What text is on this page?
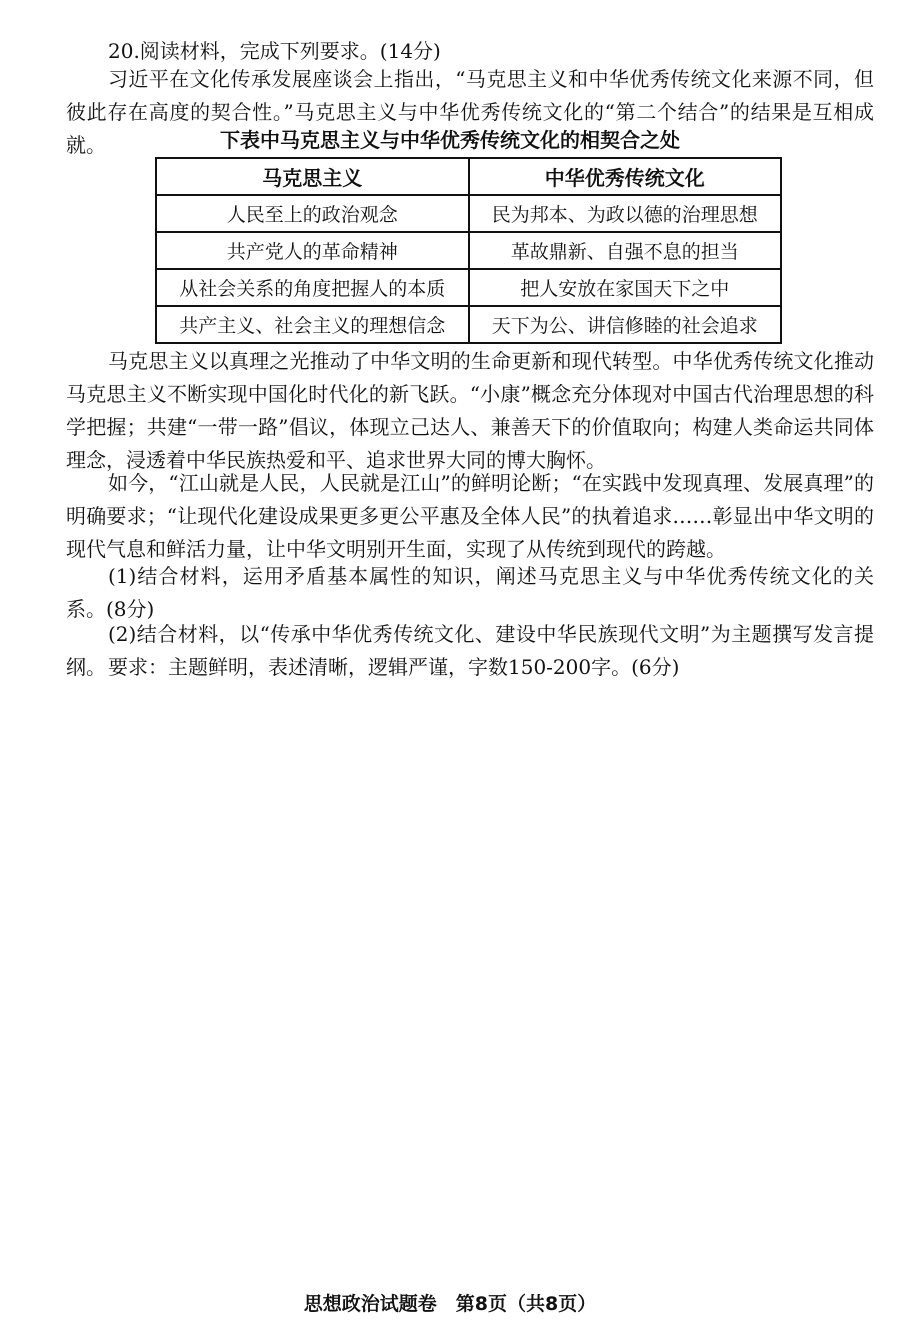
20.阅读材料，完成下列要求。(14分)

习近平在文化传承发展座谈会上指出，“马克思主义和中华优秀传统文化来源不同，但彼此存在高度的契合性。”马克思主义与中华优秀传统文化的“第二个结合”的结果是互相成就。	下表中马克思主义与中华优秀传统文化的相契合之处
马克思主义	中华优秀传统文化
人民至上的政治观念	民为邦本、为政以德的治理思想
共产党人的革命精神	革故鼎新、自强不息的担当
从社会关系的角度把握人的本质	把人安放在家国天下之中
共产主义、社会主义的理想信念	天下为公、讲信修睦的社会追求

马克思主义以真理之光推动了中华文明的生命更新和现代转型。中华优秀传统文化推动马克思主义不断实现中国化时代化的新飞跃。“小康”概念充分体现对中国古代治理思想的科学把握；共建“一带一路”倡议，体现立己达人、兼善天下的价值取向；构建人类命运共同体理念，浸透着中华民族热爱和平、追求世界大同的博大胸怀。

如今，“江山就是人民，人民就是江山”的鲜明论断；“在实践中发现真理、发展真理”的明确要求；“让现代化建设成果更多更公平惠及全体人民”的执着追求……彰显出中华文明的现代气息和鲜活力量，让中华文明别开生面，实现了从传统到现代的跨越。

(1)结合材料，运用矛盾基本属性的知识，阐述马克思主义与中华优秀传统文化的关系。(8分)

(2)结合材料，以“传承中华优秀传统文化、建设中华民族现代文明”为主题撰写发言提纲。 要求：主题鲜明，表述清晰，逻辑严谨，字数150-200字。(6分)
思想政治试题卷　第8页（共8页）
